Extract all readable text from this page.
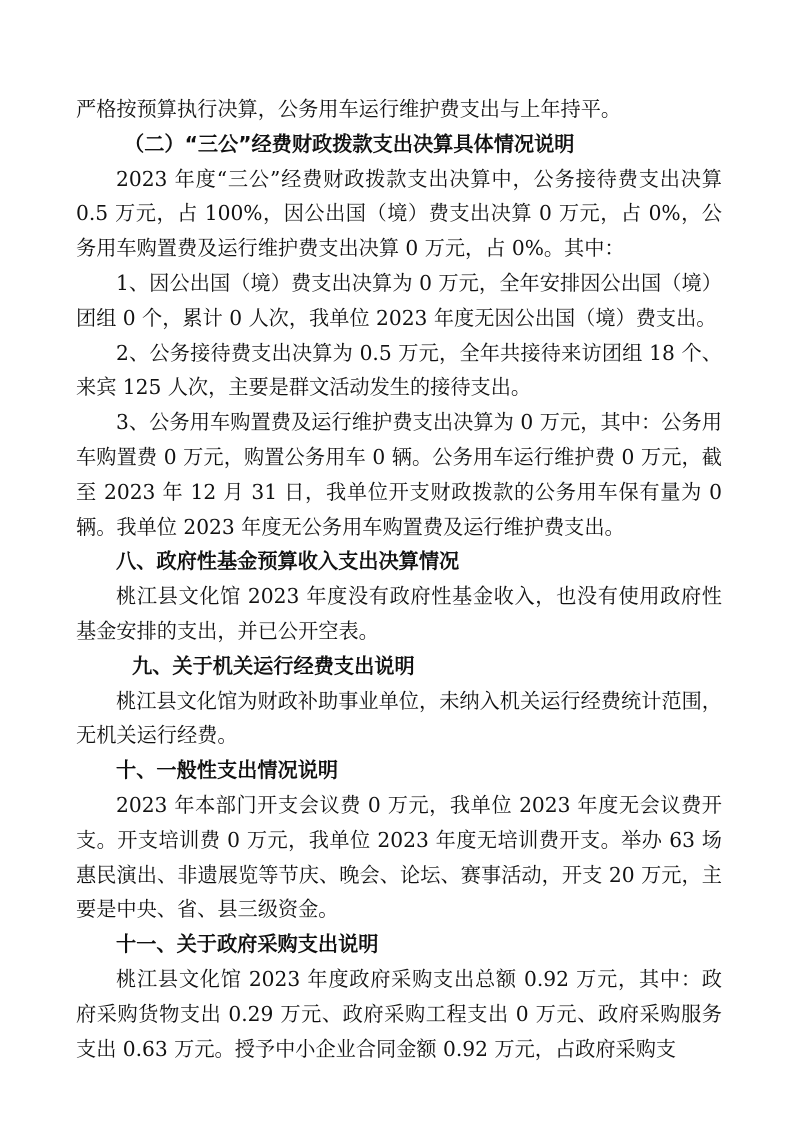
严格按预算执行决算，公务用车运行维护费支出与上年持平。

（二）“三公”经费财政拨款支出决算具体情况说明

2023 年度“三公”经费财政拨款支出决算中，公务接待费支出决算 0.5 万元，占 100%，因公出国（境）费支出决算 0 万元，占 0%，公务用车购置费及运行维护费支出决算 0 万元，占 0%。其中：

1、因公出国（境）费支出决算为 0 万元，全年安排因公出国（境）团组 0 个，累计 0 人次，我单位 2023 年度无因公出国（境）费支出。

2、公务接待费支出决算为 0.5 万元，全年共接待来访团组 18 个、来宾 125 人次，主要是群文活动发生的接待支出。

3、公务用车购置费及运行维护费支出决算为 0 万元，其中：公务用车购置费 0 万元，购置公务用车 0 辆。公务用车运行维护费 0 万元，截至 2023 年 12 月 31 日，我单位开支财政拨款的公务用车保有量为 0 辆。我单位 2023 年度无公务用车购置费及运行维护费支出。

八、政府性基金预算收入支出决算情况

桃江县文化馆 2023 年度没有政府性基金收入，也没有使用政府性基金安排的支出，并已公开空表。

九、关于机关运行经费支出说明

桃江县文化馆为财政补助事业单位，未纳入机关运行经费统计范围，无机关运行经费。

十、一般性支出情况说明

2023 年本部门开支会议费 0 万元，我单位 2023 年度无会议费开支。开支培训费 0 万元，我单位 2023 年度无培训费开支。举办 63 场惠民演出、非遗展览等节庆、晚会、论坛、赛事活动，开支 20 万元，主要是中央、省、县三级资金。

十一、关于政府采购支出说明

桃江县文化馆 2023 年度政府采购支出总额 0.92 万元，其中：政府采购货物支出 0.29 万元、政府采购工程支出 0 万元、政府采购服务支出 0.63 万元。授予中小企业合同金额 0.92 万元，占政府采购支
